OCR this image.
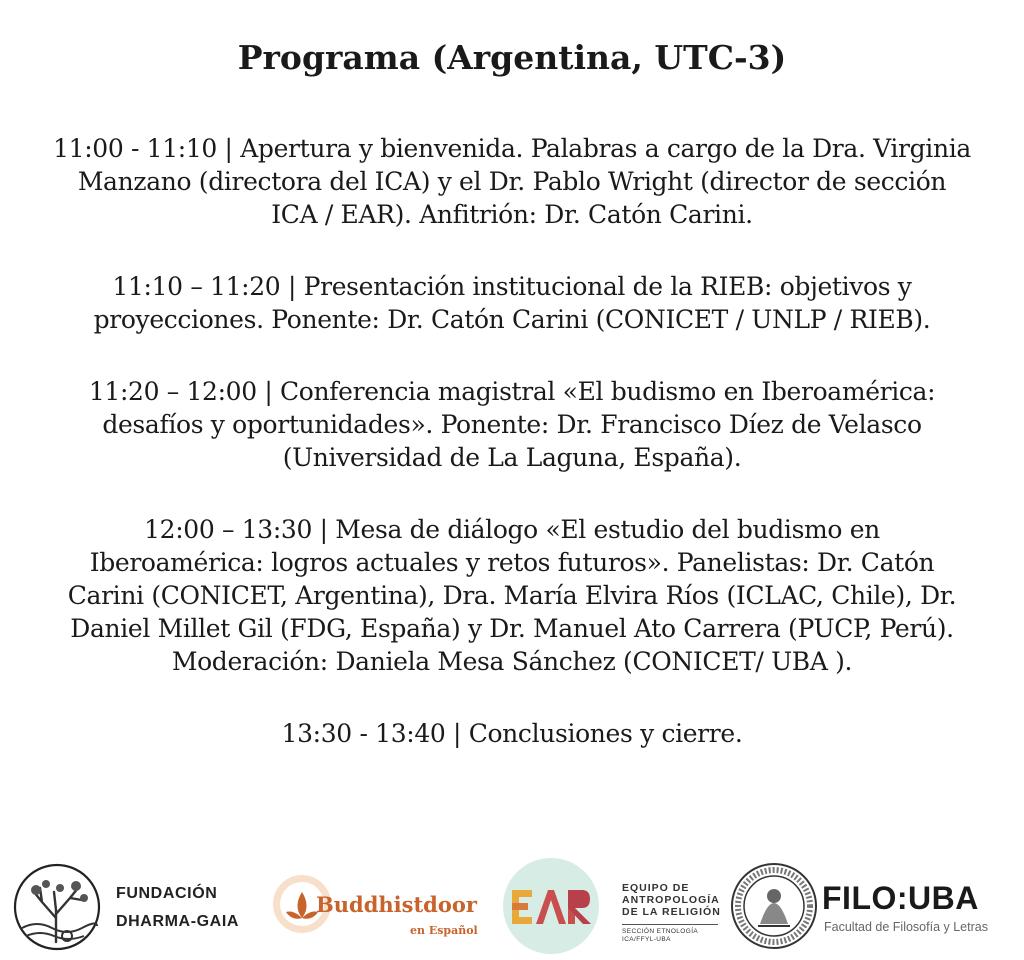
Programa (Argentina, UTC-3)
11:00 - 11:10 | Apertura y bienvenida. Palabras a cargo de la Dra. Virginia
Manzano (directora del ICA) y el Dr. Pablo Wright (director de sección
ICA / EAR). Anfitrión: Dr. Catón Carini.
11:10 – 11:20 | Presentación institucional de la RIEB: objetivos y
proyecciones. Ponente: Dr. Catón Carini (CONICET / UNLP / RIEB).
11:20 – 12:00 | Conferencia magistral «El budismo en Iberoamérica:
desafíos y oportunidades». Ponente: Dr. Francisco Díez de Velasco
(Universidad de La Laguna, España).
12:00 – 13:30 | Mesa de diálogo «El estudio del budismo en
Iberoamérica: logros actuales y retos futuros». Panelistas: Dr. Catón
Carini (CONICET, Argentina), Dra. María Elvira Ríos (ICLAC, Chile), Dr.
Daniel Millet Gil (FDG, España) y Dr. Manuel Ato Carrera (PUCP, Perú).
Moderación: Daniela Mesa Sánchez (CONICET/ UBA ).
13:30 - 13:40 | Conclusiones y cierre.
FUNDACIÓN
DHARMA-GAIA
Buddhistdoor
en Español
EQUIPO DE
ANTROPOLOGÍA
DE LA RELIGIÓN
SECCIÓN ETNOLOGÍA
ICA/FFYL-UBA
FILO:UBA
Facultad de Filosofía y Letras
